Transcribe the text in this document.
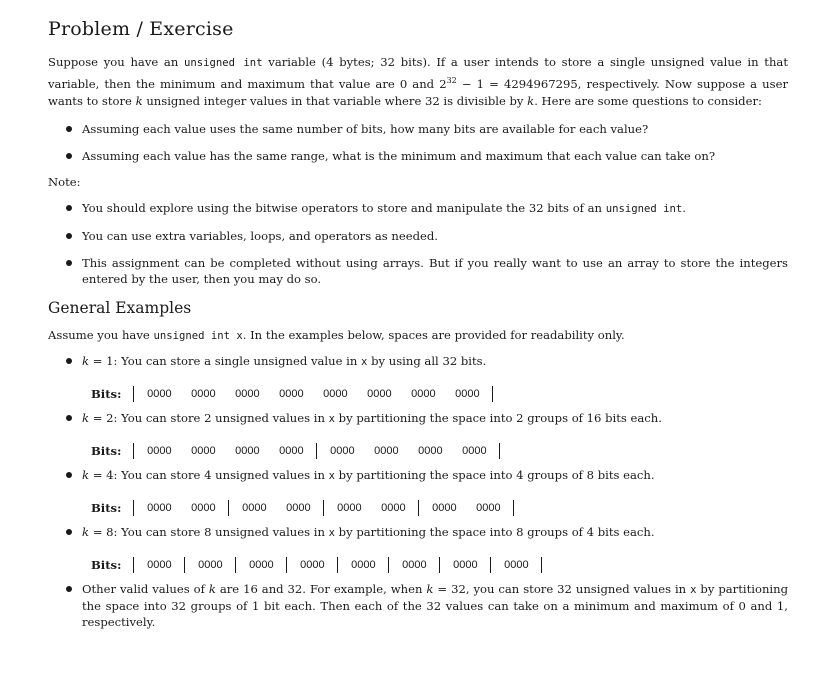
Problem / Exercise

Suppose you have an unsigned int variable (4 bytes; 32 bits). If a user intends to store a single unsigned value in that variable, then the minimum and maximum that value are 0 and $2^{32} - 1 = 4294967295$, respectively. Now suppose a user wants to store k unsigned integer values in that variable where 32 is divisible by k. Here are some questions to consider:

Assuming each value uses the same number of bits, how many bits are available for each value?
Assuming each value has the same range, what is the minimum and maximum that each value can take on?
Note:
You should explore using the bitwise operators to store and manipulate the 32 bits of an unsigned int.
You can use extra variables, loops, and operators as needed.
This assignment can be completed without using arrays. But if you really want to use an array to store the integers entered by the user, then you may do so.
General Examples

Assume you have unsigned int x. In the examples below, spaces are provided for readability only.

k = 1: You can store a single unsigned value in x by using all 32 bits.
Bits:	0000	0000	0000	0000	0000	0000	0000	0000
k = 2: You can store 2 unsigned values in x by partitioning the space into 2 groups of 16 bits each.
Bits:	0000	0000	0000	0000	0000	0000	0000	0000
k = 4: You can store 4 unsigned values in x by partitioning the space into 4 groups of 8 bits each.
Bits:	0000	0000	0000	0000	0000	0000	0000	0000
k = 8: You can store 8 unsigned values in x by partitioning the space into 8 groups of 4 bits each.
Bits:	0000	0000	0000	0000	0000	0000	0000	0000
Other valid values of k are 16 and 32. For example, when k = 32, you can store 32 unsigned values in x by partitioning the space into 32 groups of 1 bit each. Then each of the 32 values can take on a minimum and maximum of 0 and 1, respectively.
